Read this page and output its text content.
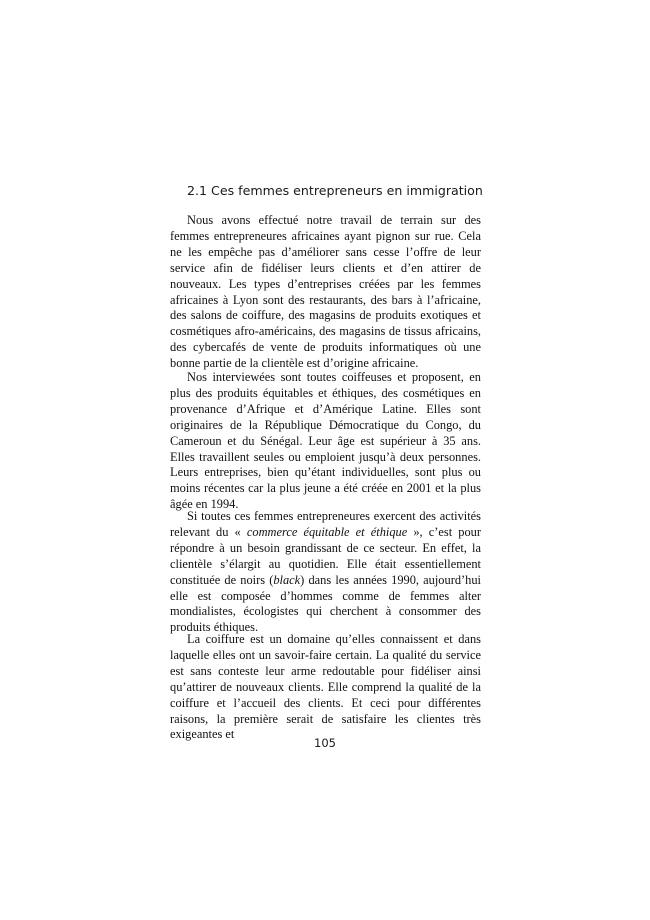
2.1 Ces femmes entrepreneurs en immigration

Nous avons effectué notre travail de terrain sur des femmes entrepreneures africaines ayant pignon sur rue. Cela ne les empêche pas d’améliorer sans cesse l’offre de leur service afin de fidéliser leurs clients et d’en attirer de nouveaux. Les types d’entreprises créées par les femmes africaines à Lyon sont des restaurants, des bars à l’africaine, des salons de coiffure, des magasins de produits exotiques et cosmétiques afro-américains, des magasins de tissus africains, des cybercafés de vente de produits informatiques où une bonne partie de la clientèle est d’origine africaine.

Nos interviewées sont toutes coiffeuses et proposent, en plus des produits équitables et éthiques, des cosmétiques en provenance d’Afrique et d’Amérique Latine. Elles sont originaires de la République Démocratique du Congo, du Cameroun et du Sénégal. Leur âge est supérieur à 35 ans. Elles travaillent seules ou emploient jusqu’à deux personnes. Leurs entreprises, bien qu’étant individuelles, sont plus ou moins récentes car la plus jeune a été créée en 2001 et la plus âgée en 1994.

Si toutes ces femmes entrepreneures exercent des activités relevant du « commerce équitable et éthique », c’est pour répondre à un besoin grandissant de ce secteur. En effet, la clientèle s’élargit au quotidien. Elle était essentiellement constituée de noirs (black) dans les années 1990, aujourd’hui elle est composée d’hommes comme de femmes alter mondialistes, écologistes qui cherchent à consommer des produits éthiques.

La coiffure est un domaine qu’elles connaissent et dans laquelle elles ont un savoir-faire certain. La qualité du service est sans conteste leur arme redoutable pour fidéliser ainsi qu’attirer de nouveaux clients. Elle comprend la qualité de la coiffure et l’accueil des clients. Et ceci pour différentes raisons, la première serait de satisfaire les clientes très exigeantes et

105
